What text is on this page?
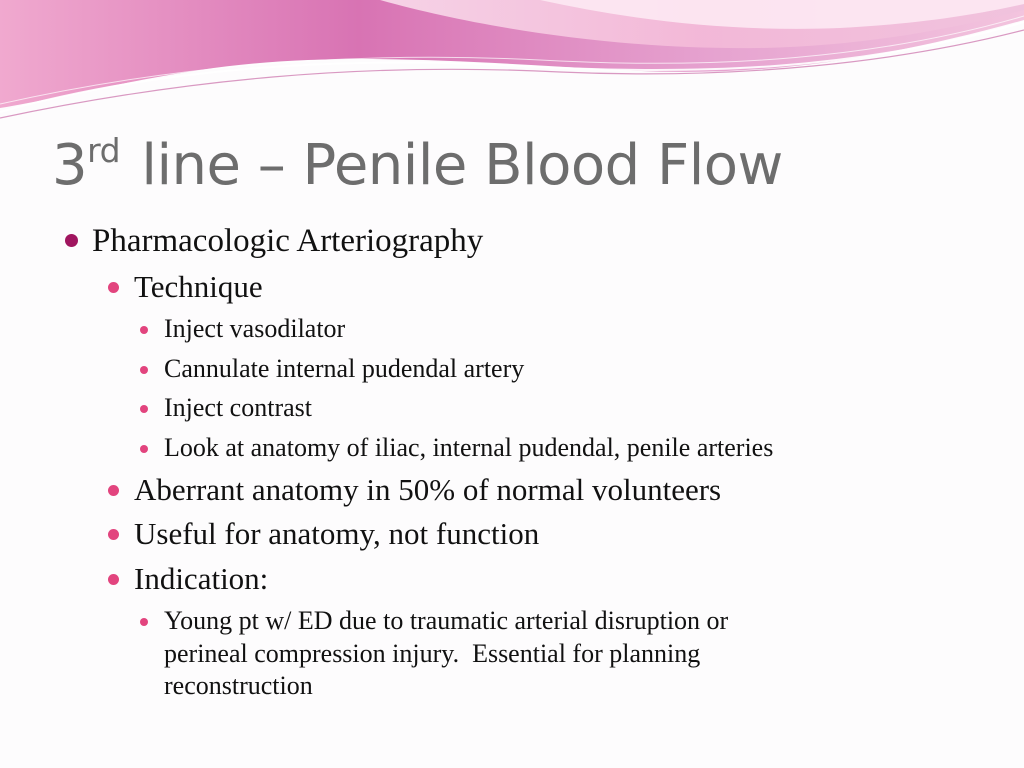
3rd line – Penile Blood Flow
Pharmacologic Arteriography
Technique
Inject vasodilator
Cannulate internal pudendal artery
Inject contrast
Look at anatomy of iliac, internal pudendal, penile arteries
Aberrant anatomy in 50% of normal volunteers
Useful for anatomy, not function
Indication:
Young pt w/ ED due to traumatic arterial disruption or
perineal compression injury.  Essential for planning
reconstruction
